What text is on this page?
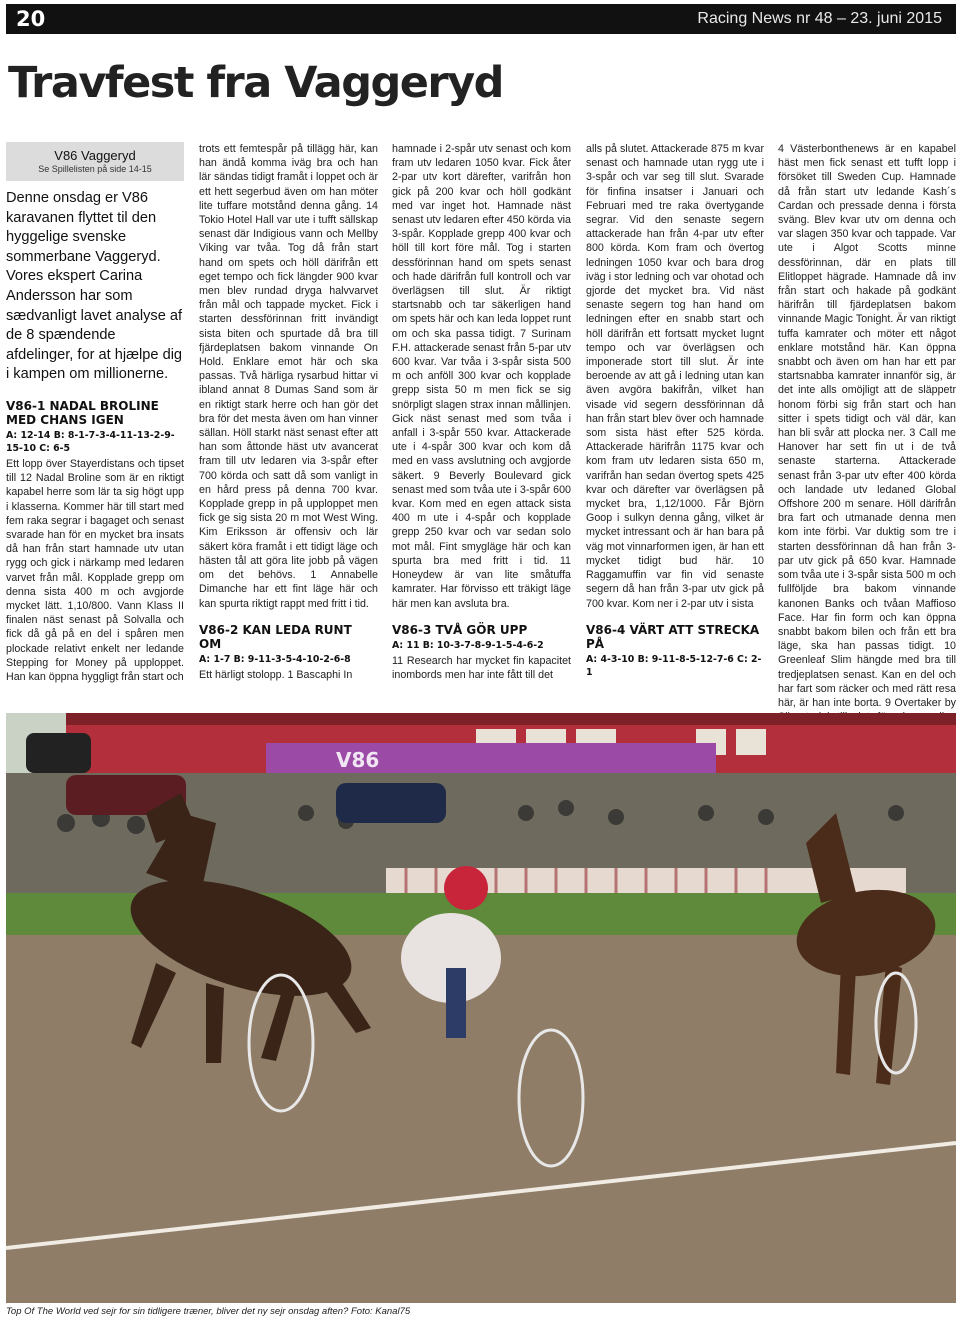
20	Racing News nr 48 – 23. juni 2015
Travfest fra Vaggeryd
V86 Vaggeryd
Se Spillelisten på side 14-15

Denne onsdag er V86 karavanen flyttet til den hyggelige svenske sommerbane Vaggeryd. Vores ekspert Carina Andersson har som sædvanligt lavet analyse af de 8 spændende afdelinger, for at hjælpe dig i kampen om millionerne.

V86-1 NADAL BROLINE MED CHANS IGEN

A: 12-14 B: 8-1-7-3-4-11-13-2-9-15-10 C: 6-5

Ett lopp över Stayerdistans och tipset till 12 Nadal Broline som är en riktigt kapabel herre som lär ta sig högt upp i klasserna. Kommer här till start med fem raka segrar i bagaget och senast svarade han för en mycket bra insats då han från start hamnade utv utan rygg och gick i närkamp med ledaren varvet från mål. Kopplade grepp om denna sista 400 m och avgjorde mycket lätt. 1,10/800. Vann Klass II finalen näst senast på Solvalla och fick då gå på en del i spåren men plockade relativt enkelt ner ledande Stepping for Money på upploppet. Han kan öppna hyggligt från start och

trots ett femtespår på tillägg här, kan han ändå komma iväg bra och han lär sändas tidigt framåt i loppet och är ett hett segerbud även om han möter lite tuffare motstånd denna gång. 14 Tokio Hotel Hall var ute i tufft sällskap senast där Indigious vann och Mellby Viking var tvåa. Tog då från start hand om spets och höll därifrån ett eget tempo och fick längder 900 kvar men blev rundad dryga halvvarvet från mål och tappade mycket. Fick i starten dessförinnan fritt invändigt sista biten och spurtade då bra till fjärdeplatsen bakom vinnande On Hold. Enklare emot här och ska passas. Två härliga rysarbud hittar vi ibland annat 8 Dumas Sand som är en riktigt stark herre och han gör det bra för det mesta även om han vinner sällan. Höll starkt näst senast efter att han som åttonde häst utv avancerat fram till utv ledaren via 3-spår efter 700 körda och satt då som vanligt in en hård press på denna 700 kvar. Kopplade grepp in på upploppet men fick ge sig sista 20 m mot West Wing. Kim Eriksson är offensiv och lär säkert köra framåt i ett tidigt läge och hästen tål att göra lite jobb på vägen om det behövs. 1 Annabelle Dimanche har ett fint läge här och kan spurta riktigt rappt med fritt i tid.

V86-2 KAN LEDA RUNT OM

A: 1-7 B: 9-11-3-5-4-10-2-6-8

Ett härligt stolopp. 1 Bascaphi In

hamnade i 2-spår utv senast och kom fram utv ledaren 1050 kvar. Fick åter 2-par utv kort därefter, varifrån hon gick på 200 kvar och höll godkänt med var inget hot. Hamnade näst senast utv ledaren efter 450 körda via 3-spår. Kopplade grepp 400 kvar och höll till kort före mål. Tog i starten dessförinnan hand om spets senast och hade därifrån full kontroll och var överlägsen till slut. Är riktigt startsnabb och tar säkerligen hand om spets här och kan leda loppet runt om och ska passa tidigt. 7 Surinam F.H. attackerade senast från 5-par utv 600 kvar. Var tvåa i 3-spår sista 500 m och anföll 300 kvar och kopplade grepp sista 50 m men fick se sig snörpligt slagen strax innan mållinjen. Gick näst senast med som tvåa i anfall i 3-spår 550 kvar. Attackerade ute i 4-spår 300 kvar och kom då med en vass avslutning och avgjorde säkert. 9 Beverly Boulevard gick senast med som tvåa ute i 3-spår 600 kvar. Kom med en egen attack sista 400 m ute i 4-spår och kopplade grepp 250 kvar och var sedan solo mot mål. Fint smygläge här och kan spurta bra med fritt i tid. 11 Honeydew är van lite småtuffa kamrater. Har förvisso ett träkigt läge här men kan avsluta bra.

V86-3 TVÅ GÖR UPP

A: 11 B: 10-3-7-8-9-1-5-4-6-2

11 Research har mycket fin kapacitet inombords men har inte fått till det

alls på slutet. Attackerade 875 m kvar senast och hamnade utan rygg ute i 3-spår och var seg till slut. Svarade för finfina insatser i Januari och Februari med tre raka övertygande segrar. Vid den senaste segern attackerade han från 4-par utv efter 800 körda. Kom fram och övertog ledningen 1050 kvar och bara drog iväg i stor ledning och var ohotad och gjorde det mycket bra. Vid näst senaste segern tog han hand om ledningen efter en snabb start och höll därifrån ett fortsatt mycket lugnt tempo och var överlägsen och imponerade stort till slut. Är inte beroende av att gå i ledning utan kan även avgöra bakifrån, vilket han visade vid segern dessförinnan då han från start blev över och hamnade som sista häst efter 525 körda. Attackerade härifrån 1175 kvar och kom fram utv ledaren sista 650 m, varifrån han sedan övertog spets 425 kvar och därefter var överlägsen på mycket bra, 1,12/1000. Får Björn Goop i sulkyn denna gång, vilket är mycket intressant och är han bara på väg mot vinnarformen igen, är han ett mycket tidigt bud här. 10 Raggamuffin var fin vid senaste segern då han från 3-par utv gick på 700 kvar. Kom ner i 2-par utv i sista

V86-4 VÄRT ATT STRECKA PÅ

A: 4-3-10 B: 9-11-8-5-12-7-6 C: 2-1

4 Västerbonthenews är en kapabel häst men fick senast ett tufft lopp i försöket till Sweden Cup. Hamnade då från start utv ledande Kash´s Cardan och pressade denna i första sväng. Blev kvar utv om denna och var slagen 350 kvar och tappade. Var ute i Algot Scotts minne dessförinnan, där en plats till Elitloppet hägrade. Hamnade då inv från start och hakade på godkänt härifrån till fjärdeplatsen bakom vinnande Magic Tonight. Är van riktigt tuffa kamrater och möter ett något enklare motstånd här. Kan öppna snabbt och även om han har ett par startsnabba kamrater innanför sig, är det inte alls omöjligt att de släppetr honom förbi sig från start och han sitter i spets tidigt och väl där, kan han bli svår att plocka ner. 3 Call me Hanover har sett fin ut i de två senaste starterna. Attackerade senast från 3-par utv efter 400 körda och landade utv ledaned Global Offshore 200 m senare. Höll därifrån bra fart och utmanade denna men kom inte förbi. Var duktig som tre i starten dessförinnan då han från 3-par utv gick på 650 kvar. Hamnade som tvåa ute i 3-spår sista 500 m och fullföljde bra bakom vinnande kanonen Banks och tvåan Maffioso Face. Har fin form och kan öppna snabbt bakom bilen och från ett bra läge, ska han passas tidigt. 10 Greenleaf Slim hängde med bra till tredjeplatsen senast. Kan en del och har fart som räcker och med rätt resa här, är han inte borta. 9 Overtaker by

V86
Top Of The World ved sejr for sin tidligere træner, bliver det ny sejr onsdag aften? Foto: Kanal75
